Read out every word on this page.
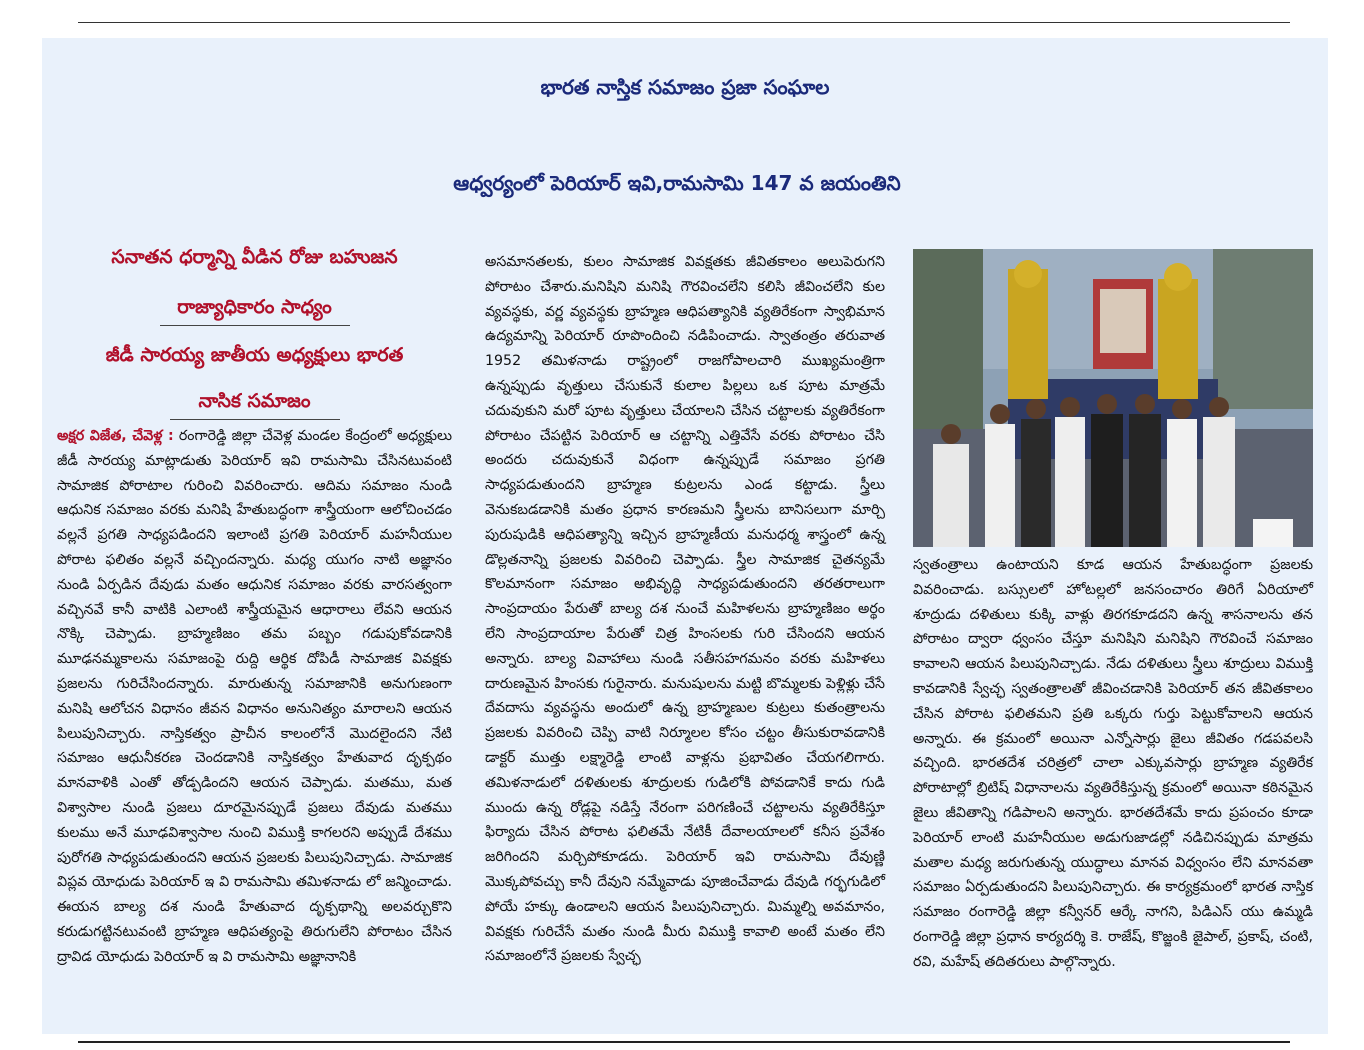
భారత నాస్తిక సమాజం ప్రజా సంఘాల
ఆధ్వర్యంలో పెరియార్ ఇవి,రామసామి 147 వ జయంతిని
సనాతన ధర్మాన్ని వీడిన రోజు బహుజన
రాజ్యాధికారం సాధ్యం
జీడీ సారయ్య జాతీయ అధ్యక్షులు భారత
నాసిక సమాజం

అక్షర విజేత, చేవెళ్ల : రంగారెడ్డి జిల్లా చేవెళ్ల మండల కేంద్రంలో అధ్యక్షులు జీడీ సారయ్య మాట్లాడుతు పెరియార్ ఇవి రామసామి చేసినటువంటి సామాజిక పోరాటాల గురించి వివరించారు. ఆదిమ సమాజం నుండి ఆధునిక సమాజం వరకు మనిషి హేతుబద్ధంగా శాస్త్రీయంగా ఆలోచించడం వల్లనే ప్రగతి సాధ్యపడిందని ఇలాంటి ప్రగతి పెరియార్ మహనీయుల పోరాట ఫలితం వల్లనే వచ్చిందన్నారు. మధ్య యుగం నాటి అజ్ఞానం నుండి ఏర్పడిన దేవుడు మతం ఆధునిక సమాజం వరకు వారసత్వంగా వచ్చినవే కానీ వాటికి ఎలాంటి శాస్త్రీయమైన ఆధారాలు లేవని ఆయన నొక్కి చెప్పాడు. బ్రాహ్మణిజం తమ పబ్బం గడుపుకోవడానికి మూఢనమ్మకాలను సమాజంపై రుద్ది ఆర్థిక దోపిడీ సామాజిక వివక్షకు ప్రజలను గురిచేసిందన్నారు. మారుతున్న సమాజానికి అనుగుణంగా మనిషి ఆలోచన విధానం జీవన విధానం అనునిత్యం మారాలని ఆయన పిలుపునిచ్చారు. నాస్తికత్వం ప్రాచీన కాలంలోనే మొదలైందని నేటి సమాజం ఆధునీకరణ చెందడానికి నాస్తికత్వం హేతువాద దృక్పథం మానవాళికి ఎంతో తోడ్పడిందని ఆయన చెప్పాడు. మతము, మత విశ్వాసాల నుండి ప్రజలు దూరమైనప్పుడే ప్రజలు దేవుడు మతము కులము అనే మూఢవిశ్వాసాల నుంచి విముక్తి కాగలరని అప్పుడే దేశము పురోగతి సాధ్యపడుతుందని ఆయన ప్రజలకు పిలుపునిచ్చాడు. సామాజిక విప్లవ యోధుడు పెరియార్ ఇ వి రామసామి తమిళనాడు లో జన్మించాడు. ఈయన బాల్య దశ నుండి హేతువాద దృక్పథాన్ని అలవర్చుకొని కరుడుగట్టినటువంటి బ్రాహ్మణ ఆధిపత్యంపై తిరుగులేని పోరాటం చేసిన ద్రావిడ యోధుడు పెరియార్ ఇ వి రామసామి అజ్ఞానానికి

అసమానతలకు, కులం సామాజిక వివక్షతకు జీవితకాలం అలుపెరుగని పోరాటం చేశారు.మనిషిని మనిషి గౌరవించలేని కలిసి జీవించలేని కుల వ్యవస్థకు, వర్ణ వ్యవస్థకు బ్రాహ్మణ ఆధిపత్యానికి వ్యతిరేకంగా స్వాభిమాన ఉద్యమాన్ని పెరియార్ రూపొందించి నడిపించాడు. స్వాతంత్రం తరువాత 1952 తమిళనాడు రాష్ట్రంలో రాజగోపాలచారి ముఖ్యమంత్రిగా ఉన్నప్పుడు వృత్తులు చేసుకునే కులాల పిల్లలు ఒక పూట మాత్రమే చదువుకుని మరో పూట వృత్తులు చేయాలని చేసిన చట్టాలకు వ్యతిరేకంగా పోరాటం చేపట్టిన పెరియార్ ఆ చట్టాన్ని ఎత్తివేసే వరకు పోరాటం చేసి అందరు చదువుకునే విధంగా ఉన్నప్పుడే సమాజం ప్రగతి సాధ్యపడుతుందని బ్రాహ్మణ కుట్రలను ఎండ కట్టాడు. స్త్రీలు వెనుకబడడానికి మతం ప్రధాన కారణమని స్త్రీలను బానిసలుగా మార్చి పురుషుడికి ఆధిపత్యాన్ని ఇచ్చిన బ్రాహ్మణీయ మనుధర్మ శాస్త్రంలో ఉన్న డొల్లతనాన్ని ప్రజలకు వివరించి చెప్పాడు. స్త్రీల సామాజిక చైతన్యమే కొలమానంగా సమాజం అభివృద్ధి సాధ్యపడుతుందని తరతరాలుగా సాంప్రదాయం పేరుతో బాల్య దశ నుంచే మహిళలను బ్రాహ్మణిజం అర్థం లేని సాంప్రదాయాల పేరుతో చిత్ర హింసలకు గురి చేసిందని ఆయన అన్నారు. బాల్య వివాహాలు నుండి సతీసహగమనం వరకు మహిళలు దారుణమైన హింసకు గురైనారు. మనుషులను మట్టి బొమ్మలకు పెళ్లిళ్లు చేసే దేవదాసు వ్యవస్థను అందులో ఉన్న బ్రాహ్మణుల కుట్రలు కుతంత్రాలను ప్రజలకు వివరించి చెప్పి వాటి నిర్మూలల కోసం చట్టం తీసుకురావడానికి డాక్టర్ ముత్తు లక్ష్మారెడ్డి లాంటి వాళ్లను ప్రభావితం చేయగలిగారు. తమిళనాడులో దళితులకు శూద్రులకు గుడిలోకి పోవడానికే కాదు గుడి ముందు ఉన్న రోడ్లపై నడిస్తే నేరంగా పరిగణించే చట్టాలను వ్యతిరేకిస్తూ ఫిర్యాదు చేసిన పోరాట ఫలితమే నేటికీ దేవాలయాలలో కనీస ప్రవేశం జరిగిందని మర్చిపోకూడదు. పెరియార్ ఇవి రామసామి దేవుణ్ణి మొక్కపోవచ్చు కానీ దేవుని నమ్మేవాడు పూజించేవాడు దేవుడి గర్భగుడిలో పోయే హక్కు ఉండాలని ఆయన పిలుపునిచ్చారు. మిమ్మల్ని అవమానం, వివక్షకు గురిచేసే మతం నుండి మీరు విముక్తి కావాలి అంటే మతం లేని సమాజంలోనే ప్రజలకు స్వేచ్ఛ

స్వతంత్రాలు ఉంటాయని కూడ ఆయన హేతుబద్ధంగా ప్రజలకు వివరించాడు. బస్సులలో హోటల్లలో జనసంచారం తిరిగే ఏరియాలో శూద్రుడు దళితులు కుక్కి వాళ్లు తిరగకూడదని ఉన్న శాసనాలను తన పోరాటం ద్వారా ధ్వంసం చేస్తూ మనిషిని మనిషిని గౌరవించే సమాజం కావాలని ఆయన పిలుపునిచ్చాడు. నేడు దళితులు స్త్రీలు శూద్రులు విముక్తి కావడానికి స్వేచ్ఛ స్వతంత్రాలతో జీవించడానికి పెరియార్ తన జీవితకాలం చేసిన పోరాట ఫలితమని ప్రతి ఒక్కరు గుర్తు పెట్టుకోవాలని ఆయన అన్నారు. ఈ క్రమంలో అయినా ఎన్నోసార్లు జైలు జీవితం గడపవలసి వచ్చింది. భారతదేశ చరిత్రలో చాలా ఎక్కువసార్లు బ్రాహ్మణ వ్యతిరేక పోరాటాల్లో బ్రిటిష్ విధానాలను వ్యతిరేకిస్తున్న క్రమంలో అయినా కఠినమైన జైలు జీవితాన్ని గడిపాలని అన్నారు. భారతదేశమే కాదు ప్రపంచం కూడా పెరియార్ లాంటి మహనీయుల అడుగుజాడల్లో నడిచినప్పుడు మాత్రమ మతాల మధ్య జరుగుతున్న యుద్ధాలు మానవ విధ్వంసం లేని మానవతా సమాజం ఏర్పడుతుందని పిలుపునిచ్చారు. ఈ కార్యక్రమంలో భారత నాస్తిక సమాజం రంగారెడ్డి జిల్లా కన్వీనర్ ఆర్కే నాగని, పిడిఎస్ యు ఉమ్మడి రంగారెడ్డి జిల్లా ప్రధాన కార్యదర్శి కె. రాజేష్, కొజ్జంకి జైపాల్, ప్రకాష్, చంటి, రవి, మహేష్ తదితరులు పాల్గొన్నారు.
